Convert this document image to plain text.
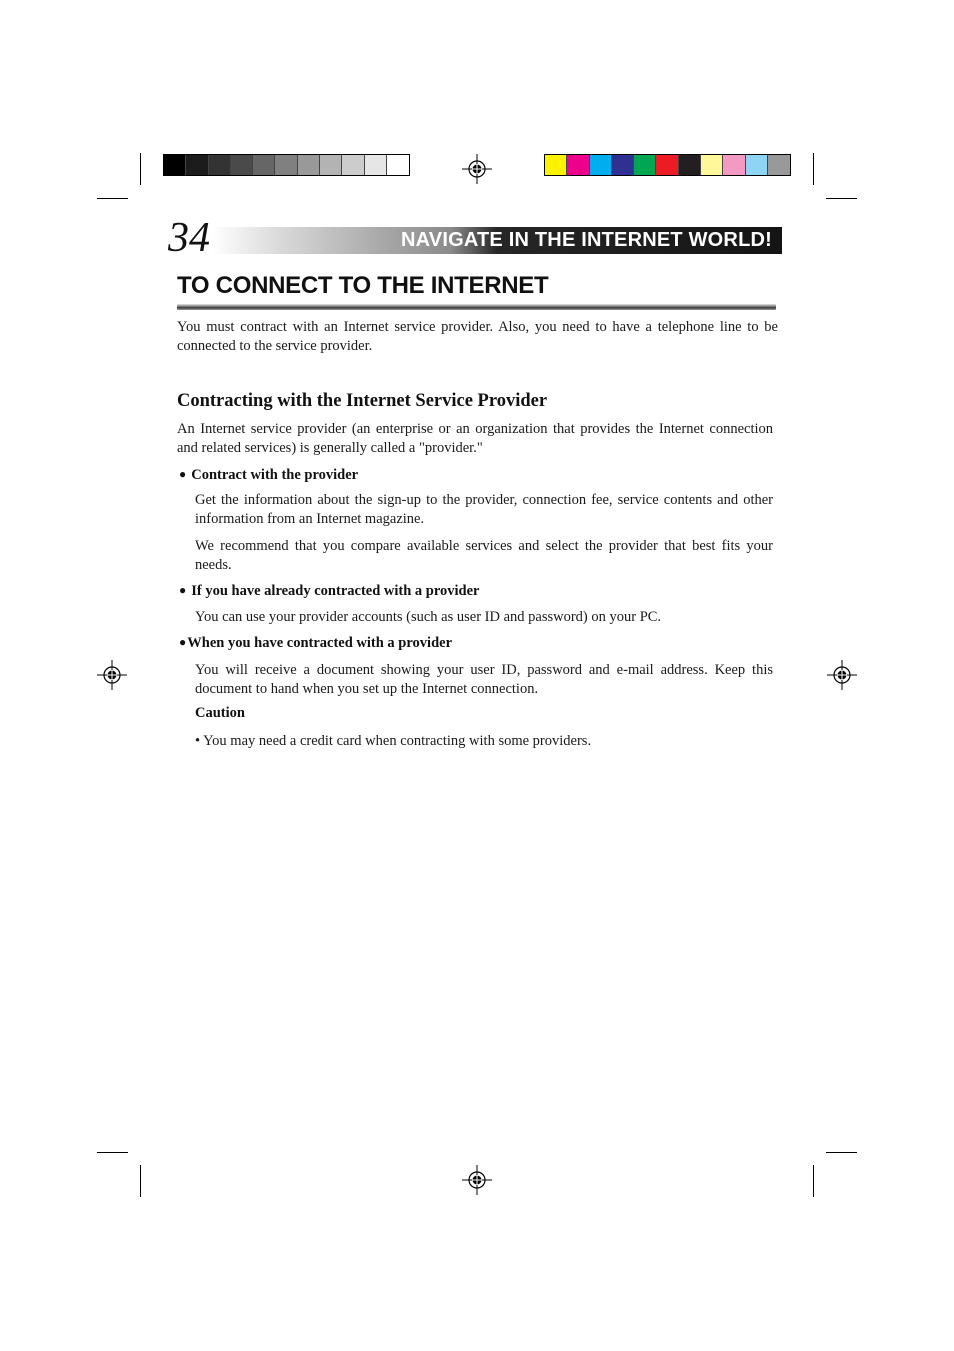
34	NAVIGATE IN THE INTERNET WORLD!
TO CONNECT TO THE INTERNET
You must contract with an Internet service provider. Also, you need to have a telephone line to be connected to the service provider.
Contracting with the Internet Service Provider
An Internet service provider (an enterprise or an organization that provides the Internet connection and related services) is generally called a "provider."
● Contract with the provider
Get the information about the sign-up to the provider, connection fee, service contents and other information from an Internet magazine.
We recommend that you compare available services and select the provider that best fits your needs.
● If you have already contracted with a provider
You can use your provider accounts (such as user ID and password) on your PC.
●When you have contracted with a provider
You will receive a document showing your user ID, password and e-mail address. Keep this document to hand when you set up the Internet connection.
Caution
• You may need a credit card when contracting with some providers.
